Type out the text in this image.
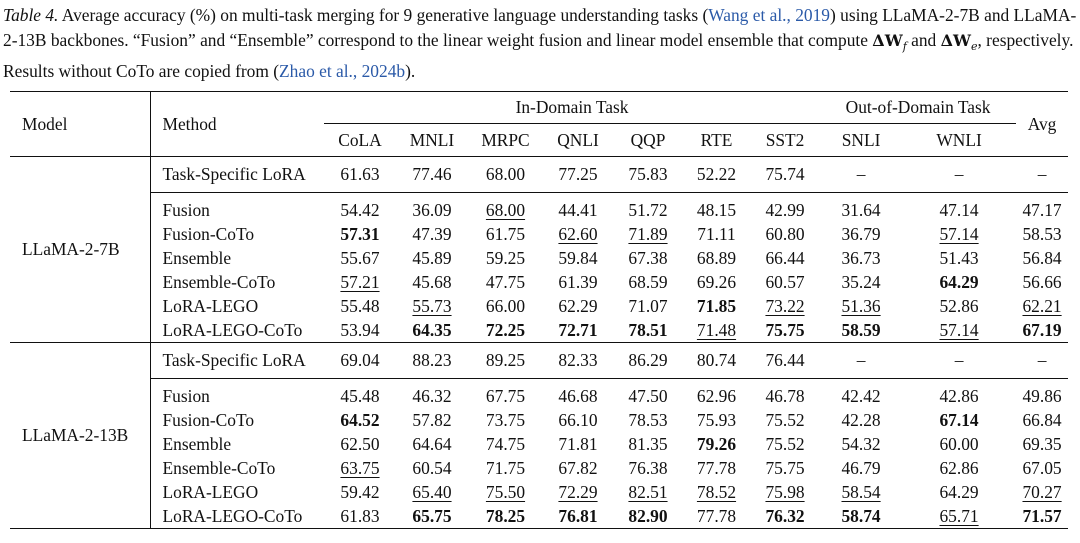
Table 4. Average accuracy (%) on multi-task merging for 9 generative language understanding tasks (Wang et al., 2019) using LLaMA-2-7B and LLaMA-2-13B backbones. “Fusion” and “Ensemble” correspond to the linear weight fusion and linear model ensemble that compute $\Delta W_f$ and $\Delta W_e$, respectively. Results without CoTo are copied from (Zhao et al., 2024b).
Model	Method	In-Domain Task							Out-of-Domain Task		Avg
		CoLA	MNLI	MRPC	QNLI	QQP	RTE	SST2	SNLI	WNLI	
LLaMA-2-7B	Task-Specific LoRA	61.63	77.46	68.00	77.25	75.83	52.22	75.74	–	–	–

	Fusion	54.42	36.09	68.00	44.41	51.72	48.15	42.99	31.64	47.14	47.17
	Fusion-CoTo	57.31	47.39	61.75	62.60	71.89	71.11	60.80	36.79	57.14	58.53
	Ensemble	55.67	45.89	59.25	59.84	67.38	68.89	66.44	36.73	51.43	56.84
	Ensemble-CoTo	57.21	45.68	47.75	61.39	68.59	69.26	60.57	35.24	64.29	56.66
	LoRA-LEGO	55.48	55.73	66.00	62.29	71.07	71.85	73.22	51.36	52.86	62.21
	LoRA-LEGO-CoTo	53.94	64.35	72.25	72.71	78.51	71.48	75.75	58.59	57.14	67.19
LLaMA-2-13B	Task-Specific LoRA	69.04	88.23	89.25	82.33	86.29	80.74	76.44	–	–	–

	Fusion	45.48	46.32	67.75	46.68	47.50	62.96	46.78	42.42	42.86	49.86
	Fusion-CoTo	64.52	57.82	73.75	66.10	78.53	75.93	75.52	42.28	67.14	66.84
	Ensemble	62.50	64.64	74.75	71.81	81.35	79.26	75.52	54.32	60.00	69.35
	Ensemble-CoTo	63.75	60.54	71.75	67.82	76.38	77.78	75.75	46.79	62.86	67.05
	LoRA-LEGO	59.42	65.40	75.50	72.29	82.51	78.52	75.98	58.54	64.29	70.27
	LoRA-LEGO-CoTo	61.83	65.75	78.25	76.81	82.90	77.78	76.32	58.74	65.71	71.57
